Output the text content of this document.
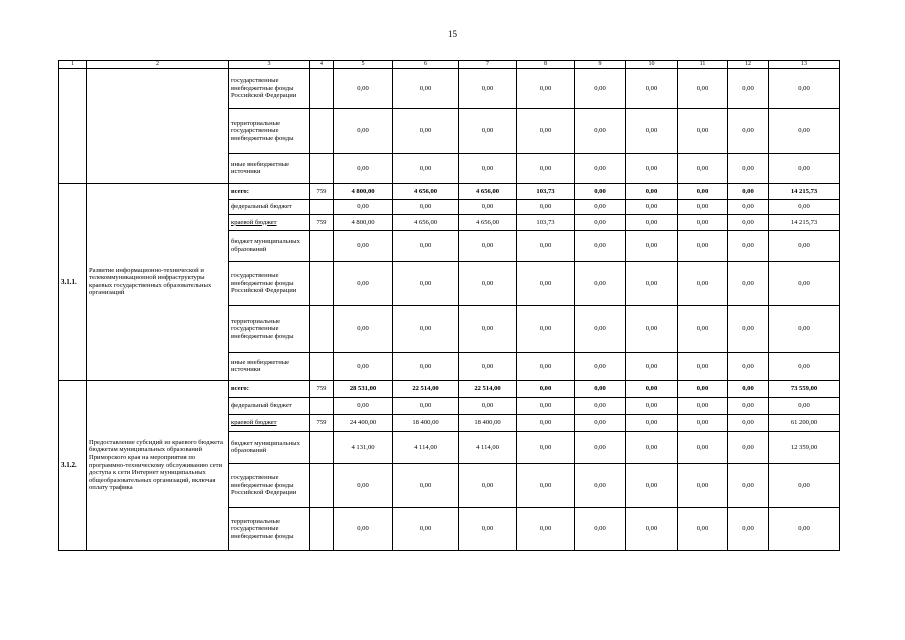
15
1	2	3	4	5	6	7	8	9	10	11	12	13
		государственные внебюджетные фонды Российской Федерации		0,00	0,00	0,00	0,00	0,00	0,00	0,00	0,00	0,00
		территориальные государственные внебюджетные фонды		0,00	0,00	0,00	0,00	0,00	0,00	0,00	0,00	0,00
		иные внебюджетные источники		0,00	0,00	0,00	0,00	0,00	0,00	0,00	0,00	0,00
3.1.1.	Развитие информационно-технической и телекоммуникационной инфраструктуры краевых государственных образовательных организаций	всего:	759	4 800,00	4 656,00	4 656,00	103,73	0,00	0,00	0,00	0,00	14 215,73
		федеральный бюджет		0,00	0,00	0,00	0,00	0,00	0,00	0,00	0,00	0,00
		краевой бюджет	759	4 800,00	4 656,00	4 656,00	103,73	0,00	0,00	0,00	0,00	14 215,73
		бюджет муниципальных образований		0,00	0,00	0,00	0,00	0,00	0,00	0,00	0,00	0,00
		государственные внебюджетные фонды Российской Федерации		0,00	0,00	0,00	0,00	0,00	0,00	0,00	0,00	0,00
		территориальные государственные внебюджетные фонды		0,00	0,00	0,00	0,00	0,00	0,00	0,00	0,00	0,00
		иные внебюджетные источники		0,00	0,00	0,00	0,00	0,00	0,00	0,00	0,00	0,00
3.1.2.	Предоставление субсидий из краевого бюджета бюджетам муниципальных образований Приморского края на мероприятия по программно-техническому обслуживанию сети доступа к сети Интернет муниципальных общеобразовательных организаций, включая оплату трафика	всего:	759	28 531,00	22 514,00	22 514,00	0,00	0,00	0,00	0,00	0,00	73 559,00
		федеральный бюджет		0,00	0,00	0,00	0,00	0,00	0,00	0,00	0,00	0,00
		краевой бюджет	759	24 400,00	18 400,00	18 400,00	0,00	0,00	0,00	0,00	0,00	61 200,00
		бюджет муниципальных образований		4 131,00	4 114,00	4 114,00	0,00	0,00	0,00	0,00	0,00	12 359,00
		государственные внебюджетные фонды Российской Федерации		0,00	0,00	0,00	0,00	0,00	0,00	0,00	0,00	0,00
		территориальные государственные внебюджетные фонды		0,00	0,00	0,00	0,00	0,00	0,00	0,00	0,00	0,00
